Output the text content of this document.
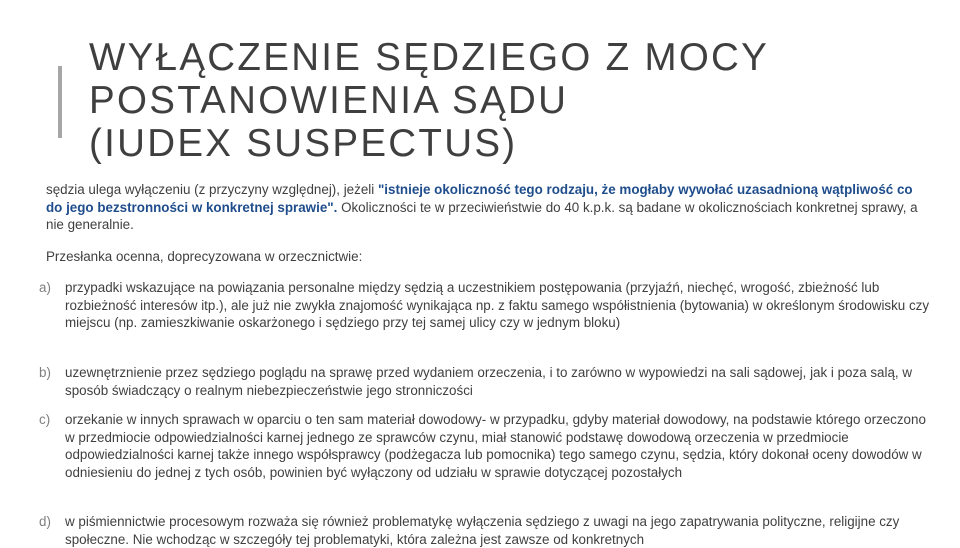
WYŁĄCZENIE SĘDZIEGO Z MOCY
POSTANOWIENIA SĄDU
(IUDEX SUSPECTUS)

sędzia ulega wyłączeniu (z przyczyny względnej), jeżeli "istnieje okoliczność tego rodzaju, że mogłaby wywołać uzasadnioną wątpliwość co do jego bezstronności w konkretnej sprawie". Okoliczności te w przeciwieństwie do 40 k.p.k. są badane w okolicznościach konkretnej sprawy, a nie generalnie.

Przesłanka ocenna, doprecyzowana w orzecznictwie:

a) przypadki wskazujące na powiązania personalne między sędzią a uczestnikiem postępowania (przyjaźń, niechęć, wrogość, zbieżność lub rozbieżność interesów itp.), ale już nie zwykła znajomość wynikająca np. z faktu samego współistnienia (bytowania) w określonym środowisku czy miejscu (np. zamieszkiwanie oskarżonego i sędziego przy tej samej ulicy czy w jednym bloku)
b) uzewnętrznienie przez sędziego poglądu na sprawę przed wydaniem orzeczenia, i to zarówno w wypowiedzi na sali sądowej, jak i poza salą, w sposób świadczący o realnym niebezpieczeństwie jego stronniczości
c) orzekanie w innych sprawach w oparciu o ten sam materiał dowodowy- w przypadku, gdyby materiał dowodowy, na podstawie którego orzeczono w przedmiocie odpowiedzialności karnej jednego ze sprawców czynu, miał stanowić podstawę dowodową orzeczenia w przedmiocie odpowiedzialności karnej także innego współsprawcy (podżegacza lub pomocnika) tego samego czynu, sędzia, który dokonał oceny dowodów w odniesieniu do jednej z tych osób, powinien być wyłączony od udziału w sprawie dotyczącej pozostałych
d) w piśmiennictwie procesowym rozważa się również problematykę wyłączenia sędziego z uwagi na jego zapatrywania polityczne, religijne czy społeczne. Nie wchodząc w szczegóły tej problematyki, która zależna jest zawsze od konkretnych
